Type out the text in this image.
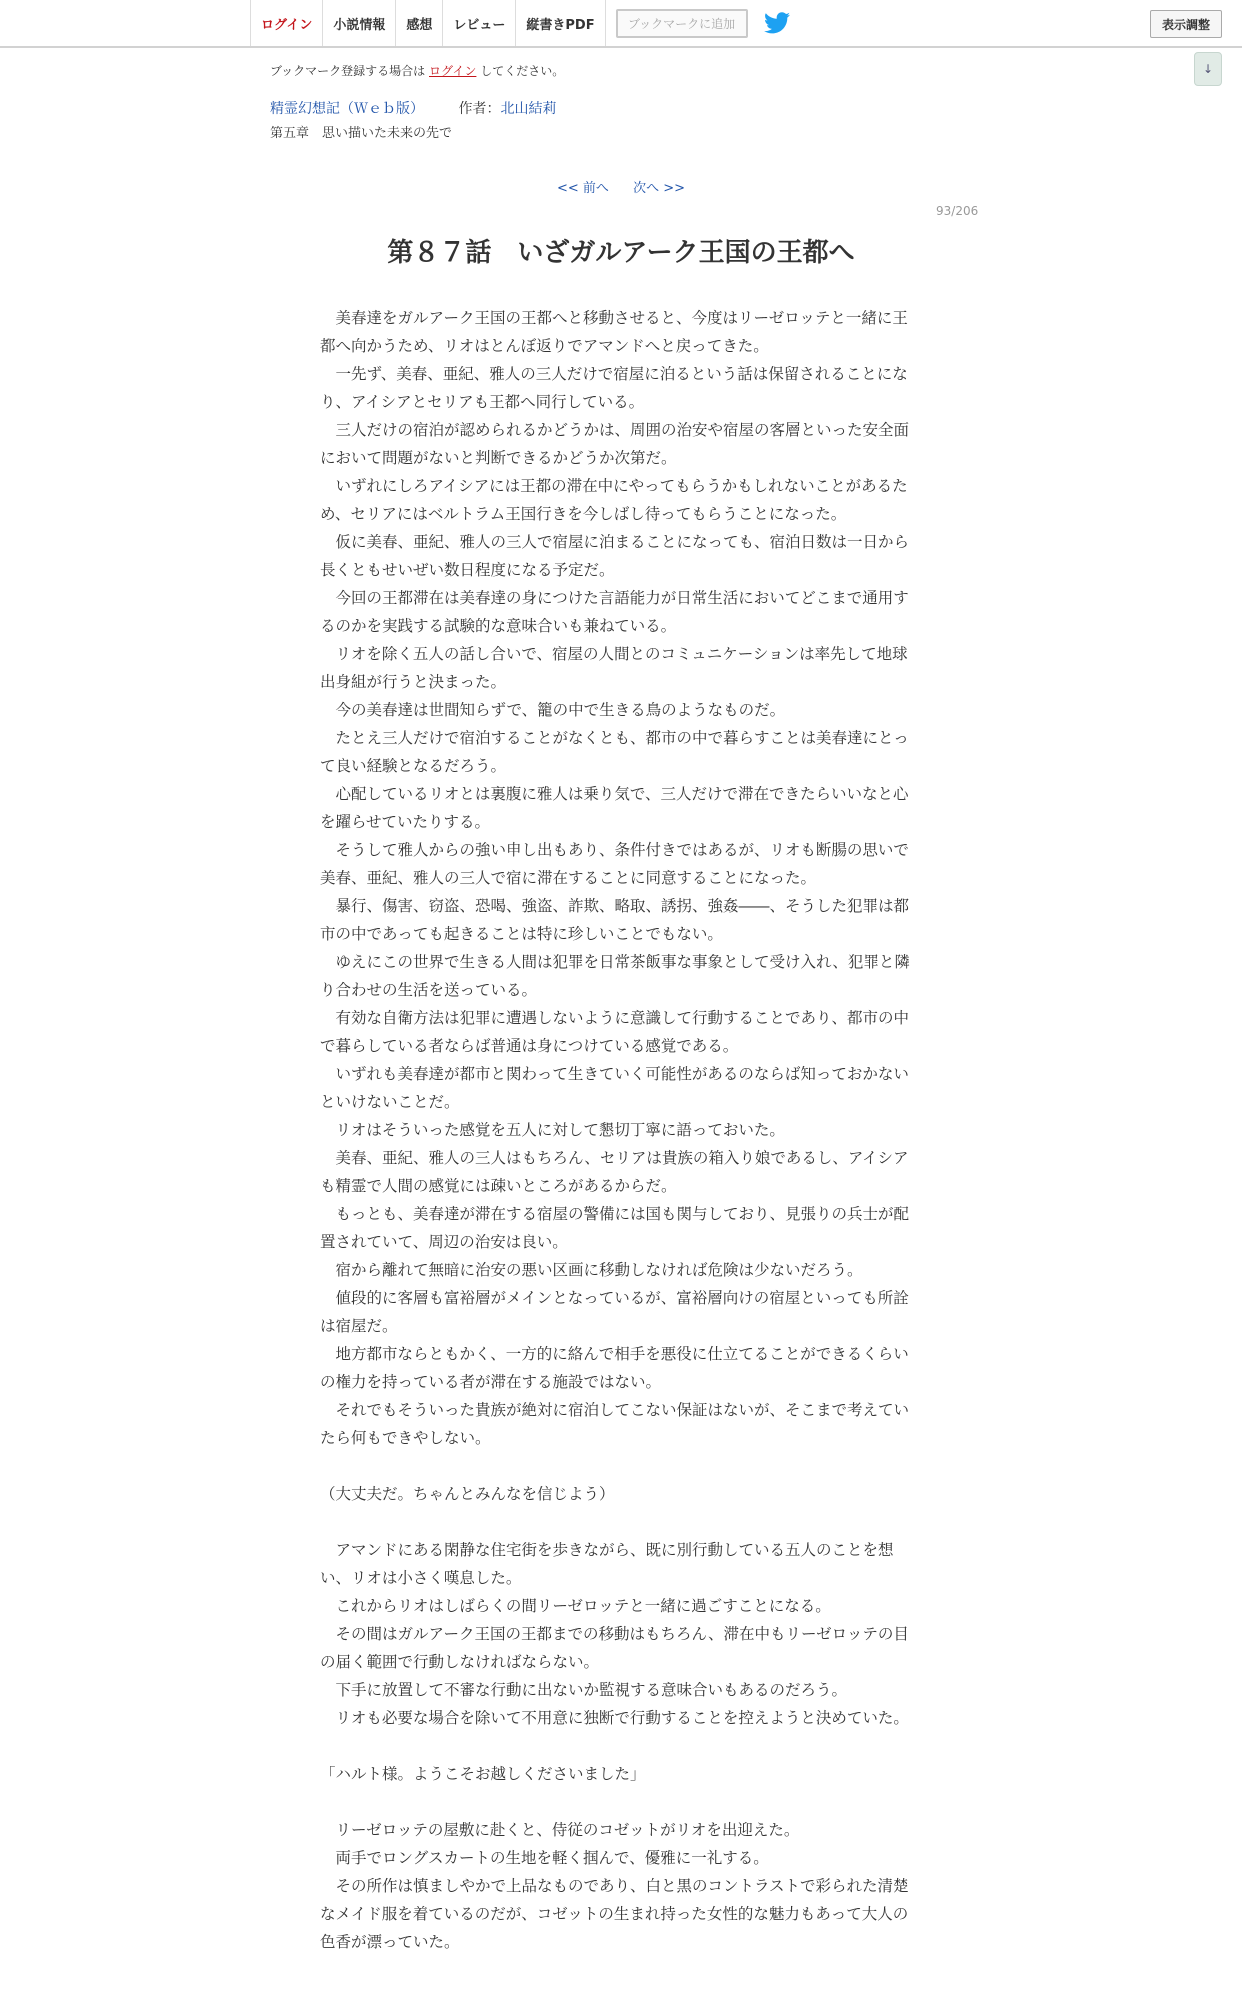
ログイン	小説情報	感想	レビュー	縦書きPDF	ブックマークに追加	表示調整
↓
ブックマーク登録する場合は ログイン してください。
精霊幻想記（Ｗｅｂ版） 作者：北山結莉
第五章　思い描いた未来の先で
<< 前へ 次へ >>
93/206
第８７話　いざガルアーク王国の王都へ

　美春達をガルアーク王国の王都へと移動させると、今度はリーゼロッテと一緒に王都へ向かうため、リオはとんぼ返りでアマンドへと戻ってきた。

　一先ず、美春、亜紀、雅人の三人だけで宿屋に泊るという話は保留されることになり、アイシアとセリアも王都へ同行している。

　三人だけの宿泊が認められるかどうかは、周囲の治安や宿屋の客層といった安全面において問題がないと判断できるかどうか次第だ。

　いずれにしろアイシアには王都の滞在中にやってもらうかもしれないことがあるため、セリアにはベルトラム王国行きを今しばし待ってもらうことになった。

　仮に美春、亜紀、雅人の三人で宿屋に泊まることになっても、宿泊日数は一日から長くともせいぜい数日程度になる予定だ。

　今回の王都滞在は美春達の身につけた言語能力が日常生活においてどこまで通用するのかを実践する試験的な意味合いも兼ねている。

　リオを除く五人の話し合いで、宿屋の人間とのコミュニケーションは率先して地球出身組が行うと決まった。

　今の美春達は世間知らずで、籠の中で生きる鳥のようなものだ。

　たとえ三人だけで宿泊することがなくとも、都市の中で暮らすことは美春達にとって良い経験となるだろう。

　心配しているリオとは裏腹に雅人は乗り気で、三人だけで滞在できたらいいなと心を躍らせていたりする。

　そうして雅人からの強い申し出もあり、条件付きではあるが、リオも断腸の思いで美春、亜紀、雅人の三人で宿に滞在することに同意することになった。

　暴行、傷害、窃盗、恐喝、強盗、詐欺、略取、誘拐、強姦――、そうした犯罪は都市の中であっても起きることは特に珍しいことでもない。

　ゆえにこの世界で生きる人間は犯罪を日常茶飯事な事象として受け入れ、犯罪と隣り合わせの生活を送っている。

　有効な自衛方法は犯罪に遭遇しないように意識して行動することであり、都市の中で暮らしている者ならば普通は身につけている感覚である。

　いずれも美春達が都市と関わって生きていく可能性があるのならば知っておかないといけないことだ。

　リオはそういった感覚を五人に対して懇切丁寧に語っておいた。

　美春、亜紀、雅人の三人はもちろん、セリアは貴族の箱入り娘であるし、アイシアも精霊で人間の感覚には疎いところがあるからだ。

　もっとも、美春達が滞在する宿屋の警備には国も関与しており、見張りの兵士が配置されていて、周辺の治安は良い。

　宿から離れて無暗に治安の悪い区画に移動しなければ危険は少ないだろう。

　値段的に客層も富裕層がメインとなっているが、富裕層向けの宿屋といっても所詮は宿屋だ。

　地方都市ならともかく、一方的に絡んで相手を悪役に仕立てることができるくらいの権力を持っている者が滞在する施設ではない。

　それでもそういった貴族が絶対に宿泊してこない保証はないが、そこまで考えていたら何もできやしない。

（大丈夫だ。ちゃんとみんなを信じよう）

　アマンドにある閑静な住宅街を歩きながら、既に別行動している五人のことを想い、リオは小さく嘆息した。

　これからリオはしばらくの間リーゼロッテと一緒に過ごすことになる。

　その間はガルアーク王国の王都までの移動はもちろん、滞在中もリーゼロッテの目の届く範囲で行動しなければならない。

　下手に放置して不審な行動に出ないか監視する意味合いもあるのだろう。

　リオも必要な場合を除いて不用意に独断で行動することを控えようと決めていた。

「ハルト様。ようこそお越しくださいました」

　リーゼロッテの屋敷に赴くと、侍従のコゼットがリオを出迎えた。

　両手でロングスカートの生地を軽く掴んで、優雅に一礼する。

　その所作は慎ましやかで上品なものであり、白と黒のコントラストで彩られた清楚なメイド服を着ているのだが、コゼットの生まれ持った女性的な魅力もあって大人の色香が漂っていた。
